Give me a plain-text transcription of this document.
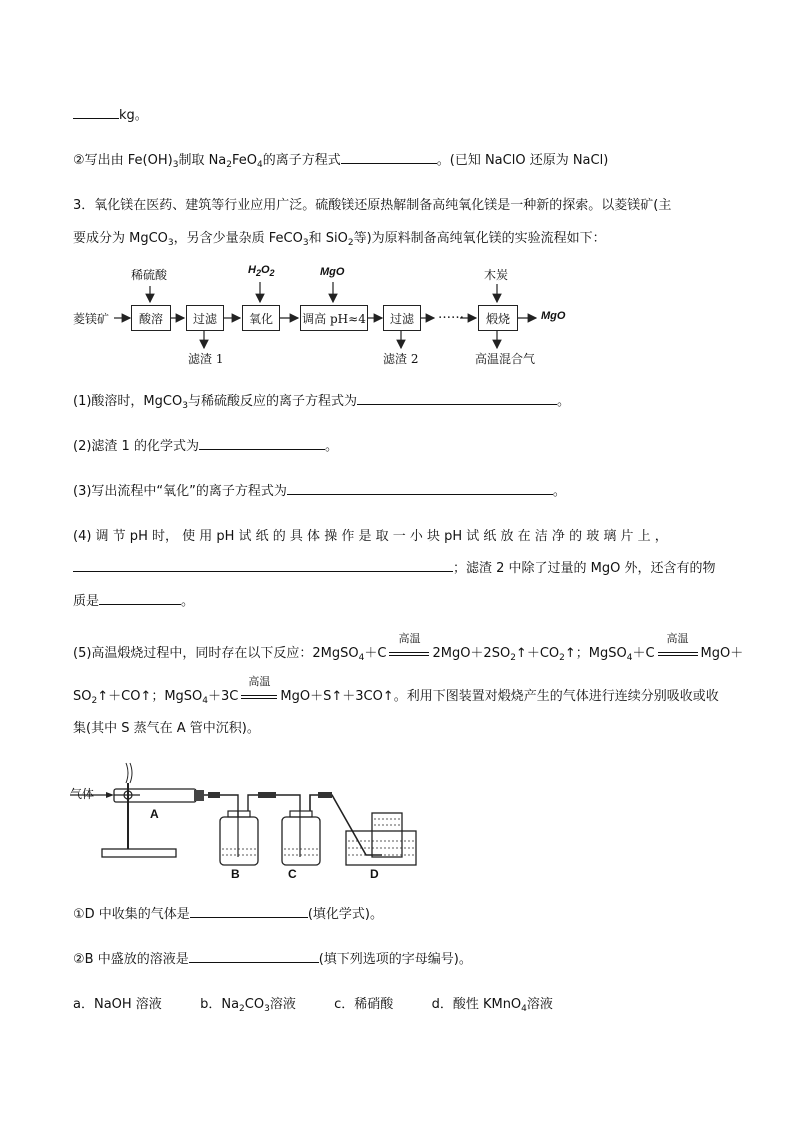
kg。
②写出由 $Fe(OH)_3$制取 $Na_2FeO_4$的离子方程式	。(已知 NaClO 还原为 NaCl)
3．氧化镁在医药、建筑等行业应用广泛。硫酸镁还原热解制备高纯氧化镁是一种新的探索。以菱镁矿(主
要成分为 MgCO$_3$，另含少量杂质 FeCO$_3$和 SiO$_2$等)为原料制备高纯氧化镁的实验流程如下：
菱镁矿	酸溶	过滤	氧化	调高 pH≈4	过滤	……	煅烧	MgO
稀硫酸	$H_2O_2$	MgO	木炭
滤渣 1	滤渣 2	高温混合气
(1)酸溶时，MgCO$_3$与稀硫酸反应的离子方程式为	。
(2)滤渣 1 的化学式为	。
(3)写出流程中“氧化”的离子方程式为	。
(4) 调 节 pH 时， 使 用 pH 试 纸 的 具 体 操 作 是 取 一 小 块 pH 试 纸 放 在 洁 净 的 玻 璃 片 上 ，
；滤渣 2 中除了过量的 MgO 外，还含有的物
质是	。
(5)高温煅烧过程中，同时存在以下反应：2MgSO$_4$＋C
高温
$2MgO+2SO_2↑+CO_2↑$；MgSO$_4$＋C
高温
MgO＋
$SO_2↑+CO↑$；MgSO$_4$＋3C
高温
MgO＋S↑＋3CO↑。利用下图装置对煅烧产生的气体进行连续分别吸收或收
集(其中 S 蒸气在 A 管中沉积)。
气体
A
B	C	D
①D 中收集的气体是	(填化学式)。
②B 中盛放的溶液是	(填下列选项的字母编号)。
a．NaOH 溶液	b．$Na_2CO_3$溶液	c．稀硝酸	d．酸性 KMnO$_4$溶液
